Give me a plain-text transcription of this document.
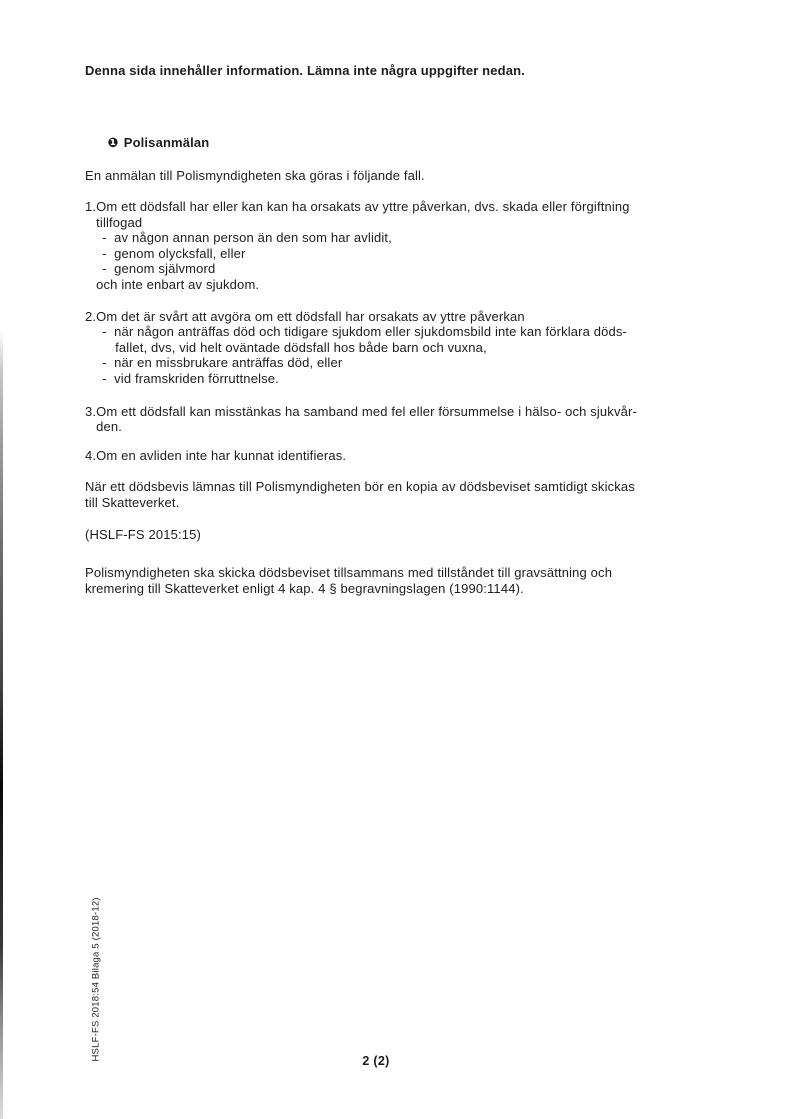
Denna sida innehåller information. Lämna inte några uppgifter nedan.

❶ Polisanmälan

En anmälan till Polismyndigheten ska göras i följande fall.
1. Om ett dödsfall har eller kan kan ha orsakats av yttre påverkan, dvs. skada eller förgiftning
tillfogad
-  av någon annan person än den som har avlidit,
-  genom olycksfall, eller
-  genom självmord
och inte enbart av sjukdom.
2. Om det är svårt att avgöra om ett dödsfall har orsakats av yttre påverkan
-  när någon anträffas död och tidigare sjukdom eller sjukdomsbild inte kan förklara döds-
fallet, dvs, vid helt oväntade dödsfall hos både barn och vuxna,
-  när en missbrukare anträffas död, eller
-  vid framskriden förruttnelse.
3. Om ett dödsfall kan misstänkas ha samband med fel eller försummelse i hälso- och sjukvår-
den.
4. Om en avliden inte har kunnat identifieras.
När ett dödsbevis lämnas till Polismyndigheten bör en kopia av dödsbeviset samtidigt skickas
till Skatteverket.
(HSLF-FS 2015:15)
Polismyndigheten ska skicka dödsbeviset tillsammans med tillståndet till gravsättning och
kremering till Skatteverket enligt 4 kap. 4 § begravningslagen (1990:1144).
HSLF-FS 2018:54 Bilaga 5 (2018-12)	2 (2)
